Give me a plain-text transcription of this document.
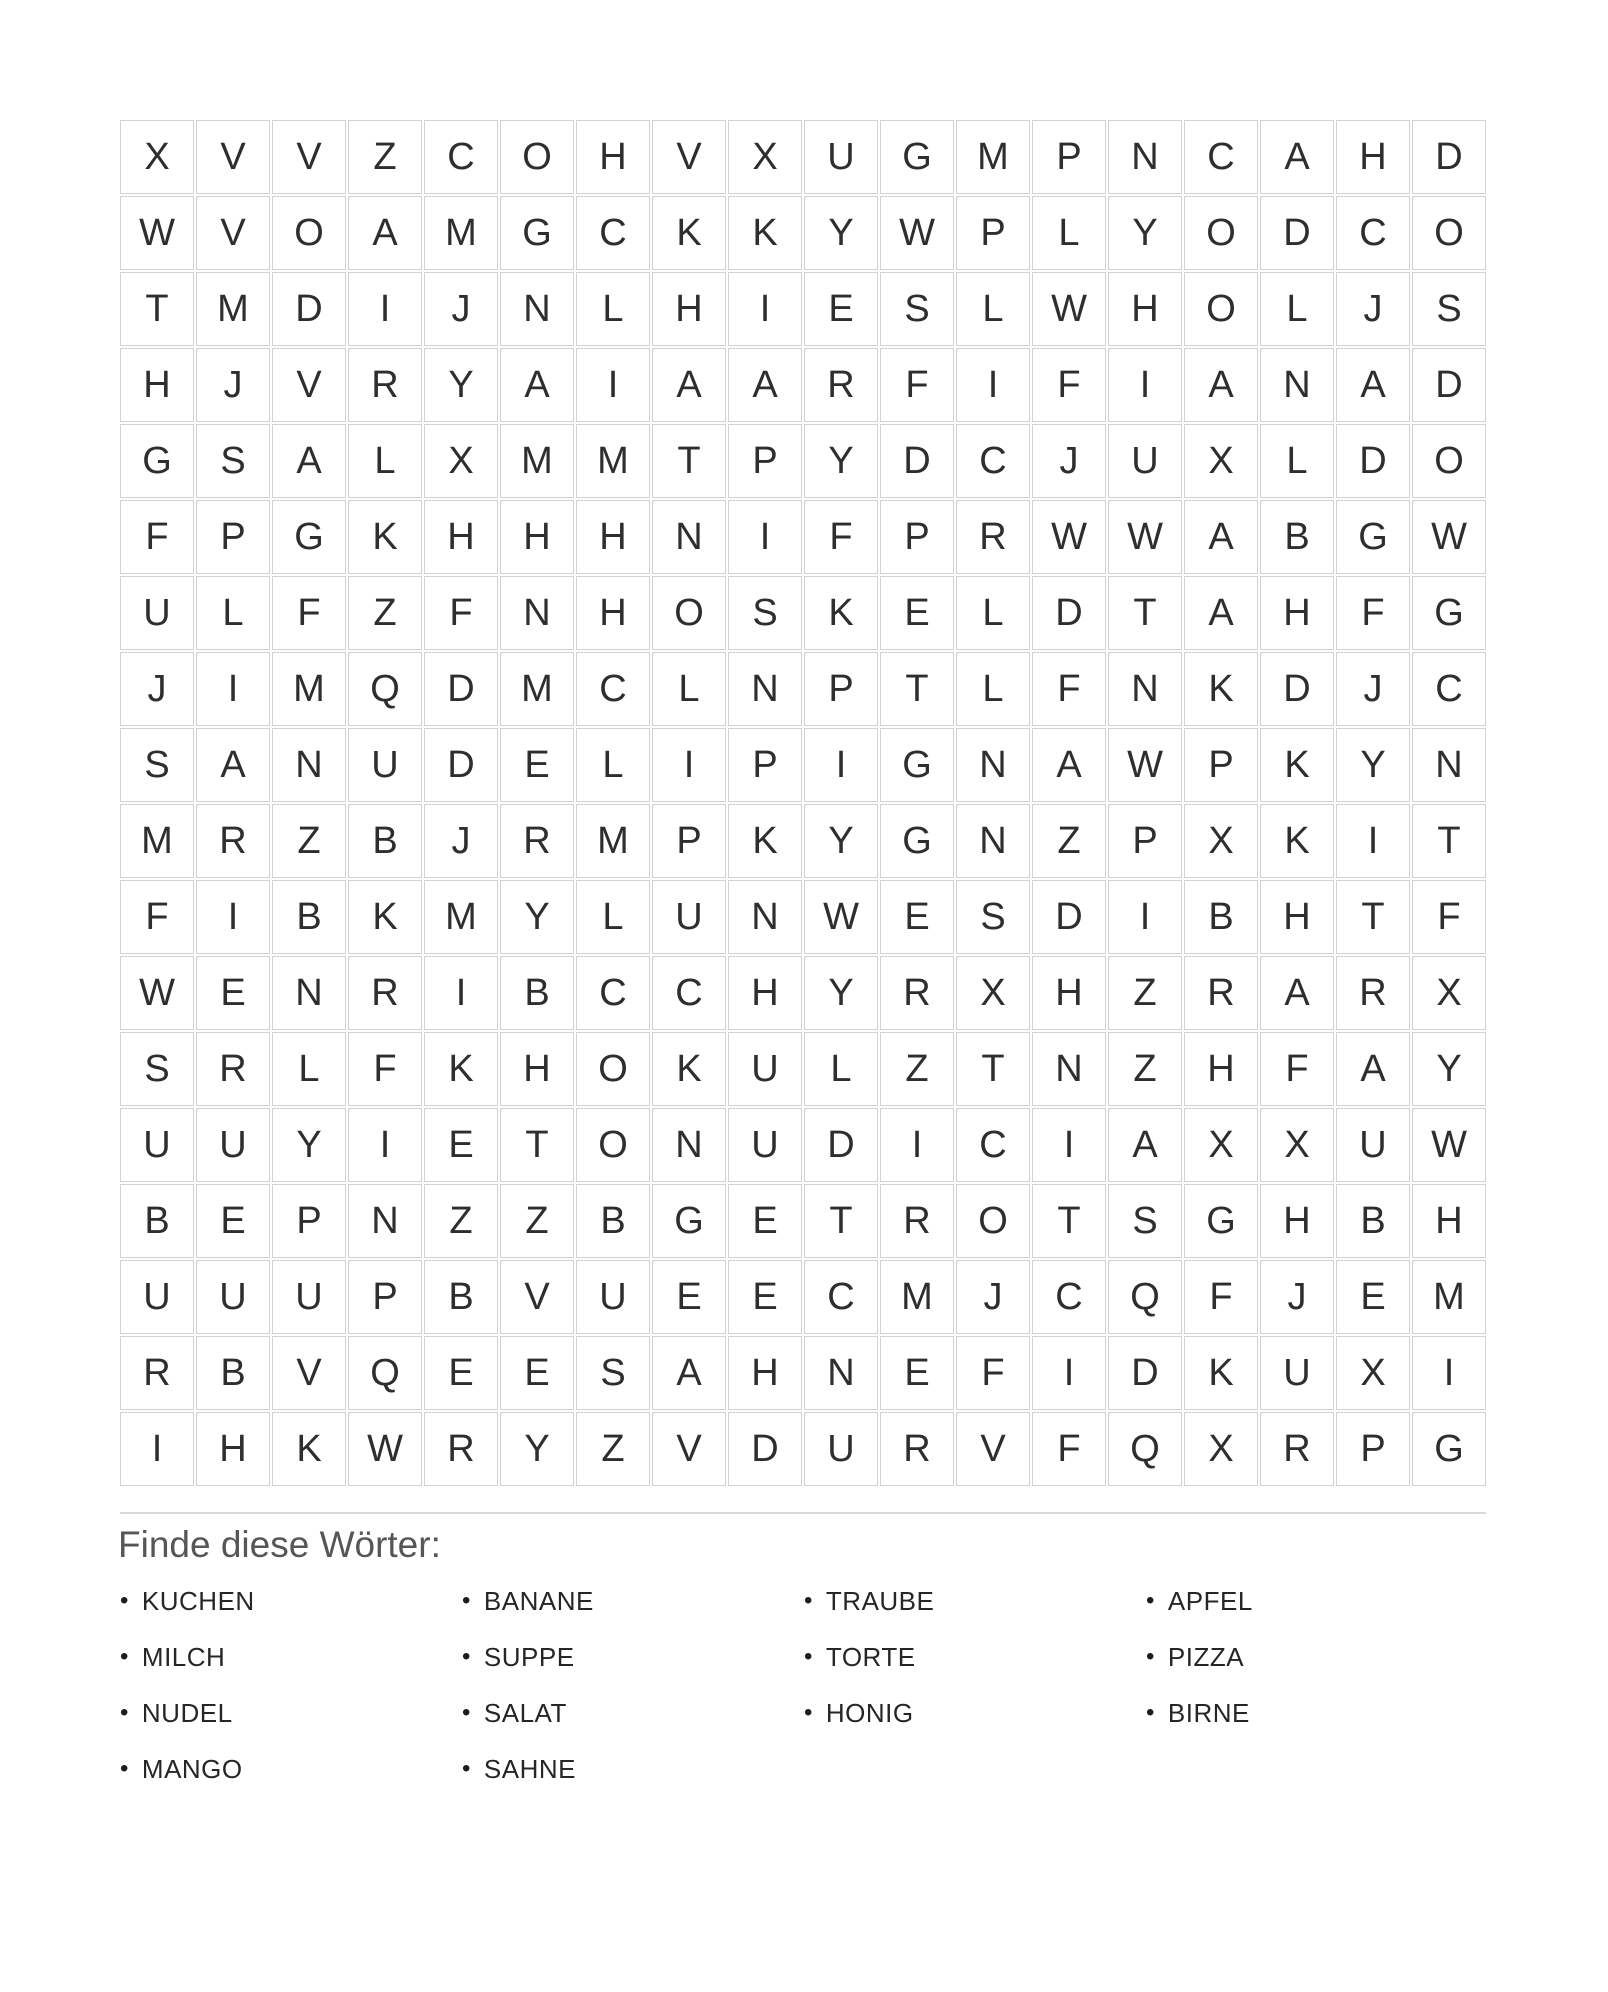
X	V	V	Z	C	O	H	V	X	U	G	M	P	N	C	A	H	D
W	V	O	A	M	G	C	K	K	Y	W	P	L	Y	O	D	C	O
T	M	D	I	J	N	L	H	I	E	S	L	W	H	O	L	J	S
H	J	V	R	Y	A	I	A	A	R	F	I	F	I	A	N	A	D
G	S	A	L	X	M	M	T	P	Y	D	C	J	U	X	L	D	O
F	P	G	K	H	H	H	N	I	F	P	R	W	W	A	B	G	W
U	L	F	Z	F	N	H	O	S	K	E	L	D	T	A	H	F	G
J	I	M	Q	D	M	C	L	N	P	T	L	F	N	K	D	J	C
S	A	N	U	D	E	L	I	P	I	G	N	A	W	P	K	Y	N
M	R	Z	B	J	R	M	P	K	Y	G	N	Z	P	X	K	I	T
F	I	B	K	M	Y	L	U	N	W	E	S	D	I	B	H	T	F
W	E	N	R	I	B	C	C	H	Y	R	X	H	Z	R	A	R	X
S	R	L	F	K	H	O	K	U	L	Z	T	N	Z	H	F	A	Y
U	U	Y	I	E	T	O	N	U	D	I	C	I	A	X	X	U	W
B	E	P	N	Z	Z	B	G	E	T	R	O	T	S	G	H	B	H
U	U	U	P	B	V	U	E	E	C	M	J	C	Q	F	J	E	M
R	B	V	Q	E	E	S	A	H	N	E	F	I	D	K	U	X	I
I	H	K	W	R	Y	Z	V	D	U	R	V	F	Q	X	R	P	G
Finde diese Wörter:
• KUCHEN
• MILCH
• NUDEL
• MANGO
• BANANE
• SUPPE
• SALAT
• SAHNE
• TRAUBE
• TORTE
• HONIG
• APFEL
• PIZZA
• BIRNE
